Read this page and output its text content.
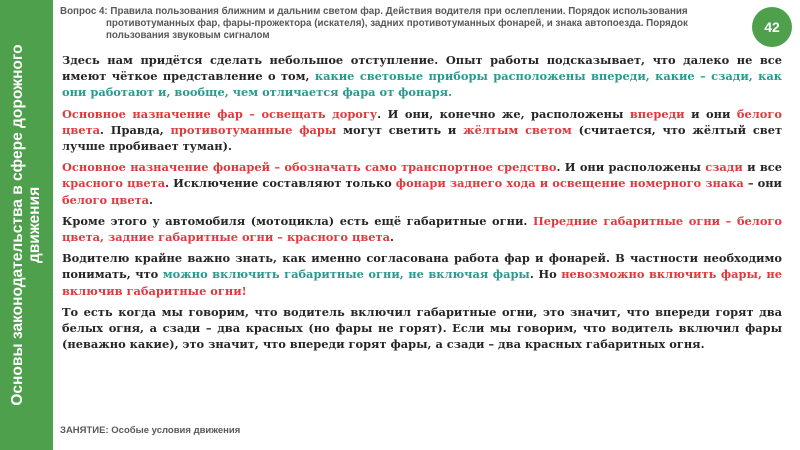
Основы законодательства в сфере дорожного движения
Вопрос 4: Правила пользования ближним и дальним светом фар. Действия водителя при ослеплении. Порядок использования
противотуманных фар, фары-прожектора (искателя), задних противотуманных фонарей, и знака автопоезда. Порядок
пользования звуковым сигналом
42

Здесь нам придётся сделать небольшое отступление. Опыт работы подсказывает, что далеко не все имеют чёткое представление о том, какие световые приборы расположены впереди, какие – сзади, как они работают и, вообще, чем отличается фара от фонаря.

Основное назначение фар – освещать дорогу. И они, конечно же, расположены впереди и они белого цвета. Правда, противотуманные фары могут светить и жёлтым светом (считается, что жёлтый свет лучше пробивает туман).

Основное назначение фонарей – обозначать само транспортное средство. И они расположены сзади и все красного цвета. Исключение составляют только фонари заднего хода и освещение номерного знака – они белого цвета.

Кроме этого у автомобиля (мотоцикла) есть ещё габаритные огни. Передние габаритные огни – белого цвета, задние габаритные огни – красного цвета.

Водителю крайне важно знать, как именно согласована работа фар и фонарей. В частности необходимо понимать, что можно включить габаритные огни, не включая фары. Но невозможно включить фары, не включив габаритные огни!

То есть когда мы говорим, что водитель включил габаритные огни, это значит, что впереди горят два белых огня, а сзади – два красных (но фары не горят). Если мы говорим, что водитель включил фары (неважно какие), это значит, что впереди горят фары, а сзади – два красных габаритных огня.

ЗАНЯТИЕ: Особые условия движения
